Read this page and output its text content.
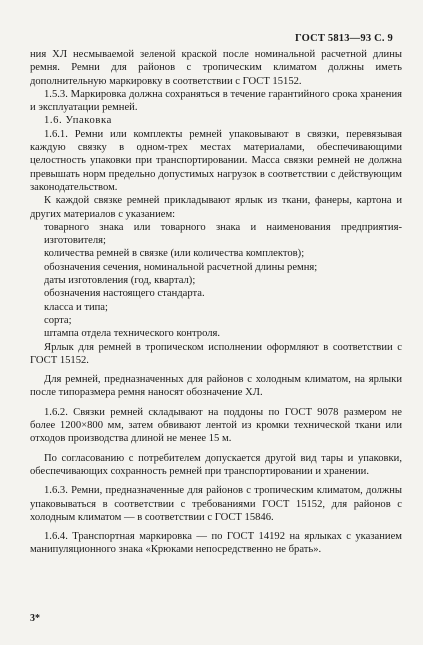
ГОСТ 5813—93 С. 9

ния ХЛ несмываемой зеленой краской после номинальной расчетной длины ремня. Ремни для районов с тропическим климатом должны иметь дополнительную маркировку в соответствии с ГОСТ 15152.

1.5.3. Маркировка должна сохраняться в течение гарантийного срока хранения и эксплуатации ремней.

1.6. Упаковка

1.6.1. Ремни или комплекты ремней упаковывают в связки, перевязывая каждую связку в одном-трех местах материалами, обеспечивающими целостность упаковки при транспортировании. Масса связки ремней не должна превышать норм предельно допустимых нагрузок в соответствии с действующим законодательством.

К каждой связке ремней прикладывают ярлык из ткани, фанеры, картона и других материалов с указанием:

товарного знака или товарного знака и наименования предприятия-изготовителя;

количества ремней в связке (или количества комплектов);

обозначения сечения, номинальной расчетной длины ремня;

даты изготовления (год, квартал);

обозначения настоящего стандарта.

класса и типа;

сорта;

штампа отдела технического контроля.

Ярлык для ремней в тропическом исполнении оформляют в соответствии с ГОСТ 15152.

Для ремней, предназначенных для районов с холодным климатом, на ярлыки после типоразмера ремня наносят обозначение ХЛ.

1.6.2. Связки ремней складывают на поддоны по ГОСТ 9078 размером не более 1200×800 мм, затем обвивают лентой из кромки технической ткани или отходов производства длиной не менее 15 м.

По согласованию с потребителем допускается другой вид тары и упаковки, обеспечивающих сохранность ремней при транспортировании и хранении.

1.6.3. Ремни, предназначенные для районов с тропическим климатом, должны упаковываться в соответствии с требованиями ГОСТ 15152, для районов с холодным климатом — в соответствии с ГОСТ 15846.

1.6.4. Транспортная маркировка — по ГОСТ 14192 на ярлыках с указанием манипуляционного знака «Крюками непосредственно не брать».

3*
